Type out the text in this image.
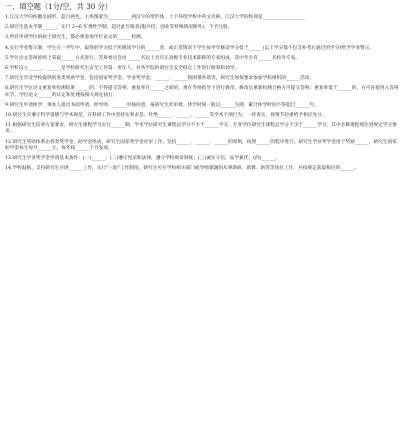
一、填空题（1分/空，共 30 分）
1.江汉大学的校徽呈圆形，蓝白两色，主体图案为__________两汉字的变形体，上下环绕学校中英文名称。江汉大学的校训是__________________
2.研究生基本学制______，实行 2~6 年弹性学制，超过此年限者(服兵役、创业等特殊情况除外)，不予注册。
3.所有申请学位的硕士研究生，都必须参加学位论文的______检测。
4.实行学业警示制，学生在一学年中，取得的学分低于所修读学分的______者，或正常情况下学生每学年修读学分低于______(以上学分都不包含补考后通过的学分)给予学业警示。
5.学位论文答辩原则上采取______方式进行，答辩委员会由______名以上具有正高级专业技术职称的专家组成，其中至少有______名校外专家。
6.学校设立______，______是学校研究生安全工作第一责任人，对各学院的研究生安全稳定工作进行统筹和领导。
7.研究生享受学校提供的各类奖助学金，包括国家奖学金、学业奖学金、______、______和困难补助等，研究生须按要求参加学校组织的______活动。
8.研究生学位论文重复率检测结果______的，不得提交答辩；重复率在______之间的，须在导师指导下进行修改，修改后重新检测合格方可提交答辩；重复率低于______的，方可直接进入答辩环节。学位论文______的认定和处理按相关规定执行。
9.研究生申请休学，须本人提出书面申请，经导师、______审核同意，报研究生处审批。休学时间一般以______为期，累计休学时间不得超过______年。
10.研究生应遵守科学道德与学术规范，在科研工作中坚持实事求是，杜绝______、______、______等学术不端行为，一经查实，视情节轻重给予相应处分。
11.根据研究生培养方案要求，研究生课程学习实行______制，学术学位研究生课程总学分不少于______学分，专业学位研究生课程总学分不少于______学分，其中必修课程须达到规定学分要求。
12.研究生奖助体系由各类奖学金、助学金组成，研究生国家奖学金评审工作，坚持______、______、______的原则，按照______的程序进行。研究生学业奖学金用于奖励______，研究生国家助学金每生每月______元，每年按______个月发放。
13.研究生学业奖学金申请基本条件：(一)______；(二)遵守宪法和法律，遵守学校规章制度；(三)诚实守信，品学兼优；(四)______。
14.学校鼓励、支持研究生开展______工作，实行"三助"工作制度，研究生可在学校相关部门或导师课题组从事助研、助教、助管等岗位工作，并按规定获取相应的______。
